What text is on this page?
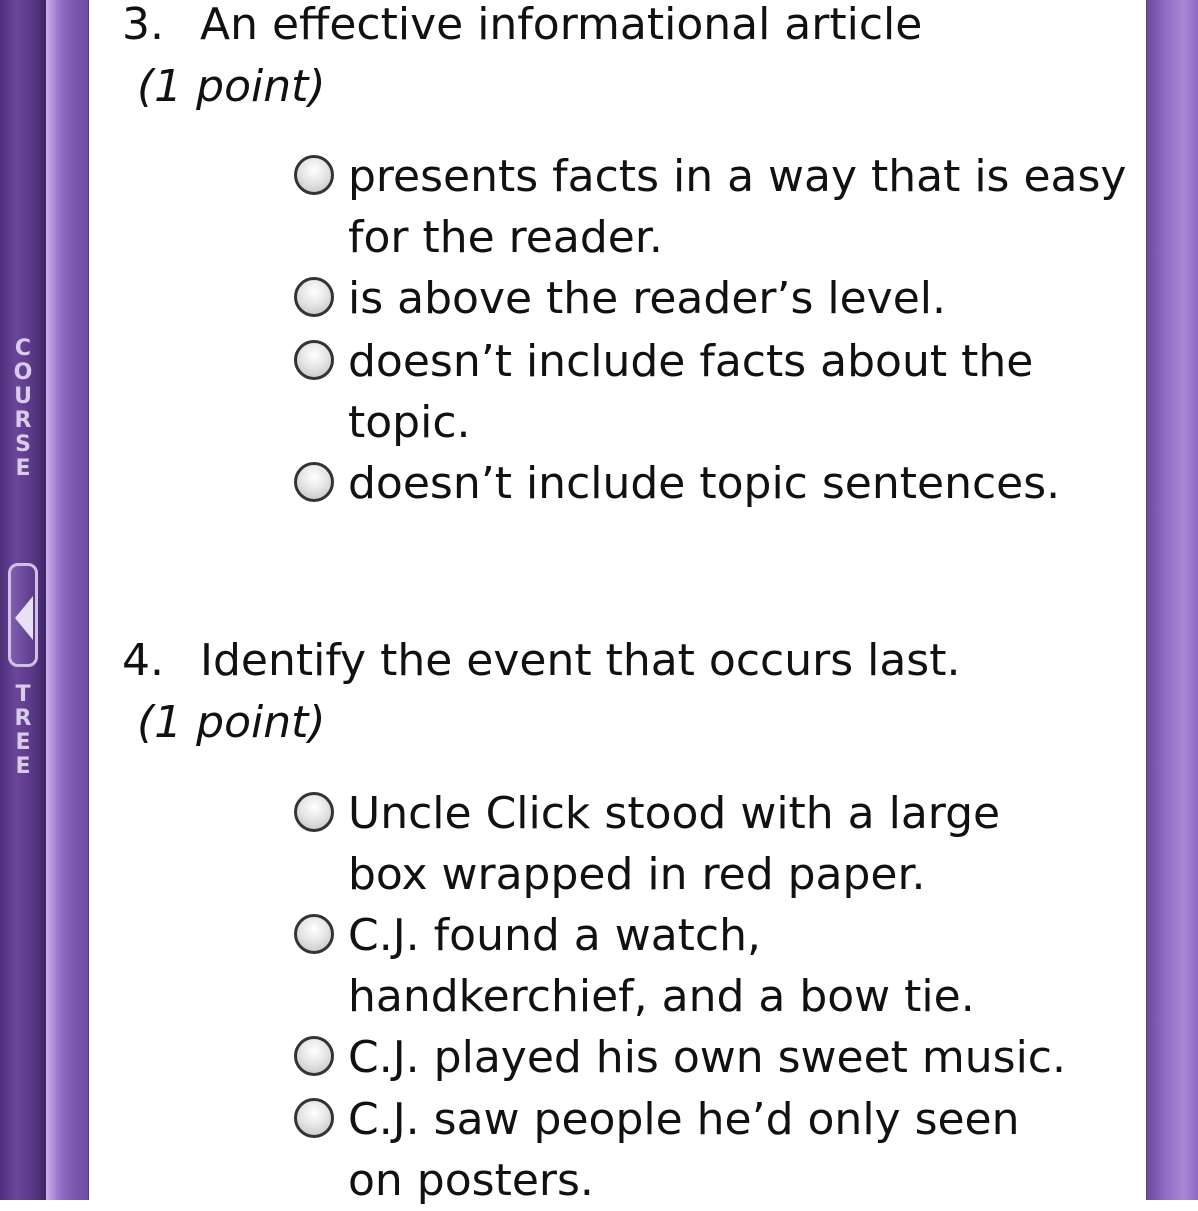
C
O
U
R
S
E
T
R
E
E
3. An effective informational article
(1 point)
presents facts in a way that is easy for the reader.
is above the reader’s level.
doesn’t include facts about the topic.
doesn’t include topic sentences.
4. Identify the event that occurs last.
(1 point)
Uncle Click stood with a large box wrapped in red paper.
C.J. found a watch, handkerchief, and a bow tie.
C.J. played his own sweet music.
C.J. saw people he’d only seen on posters.
